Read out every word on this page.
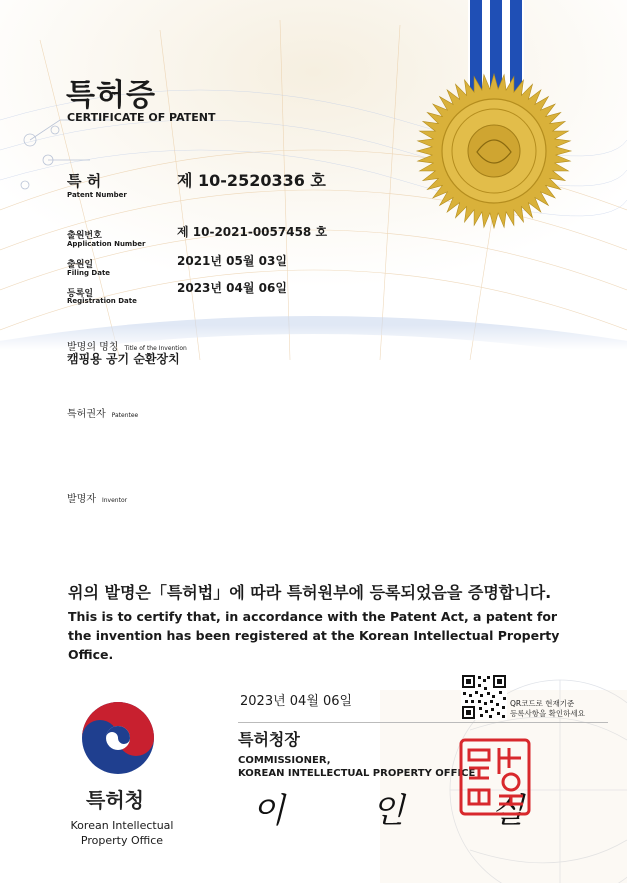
특허증
CERTIFICATE OF PATENT
특 허
Patent Number
제 10-2520336 호
출원번호
Application Number
제 10-2021-0057458 호
출원일
Filing Date
2021년 05월 03일
등록일
Registration Date
2023년 04월 06일
발명의 명칭 Title of the Invention
캠핑용 공기 순환장치
특허권자 Patentee
발명자 Inventor
위의 발명은「특허법」에 따라 특허원부에 등록되었음을 증명합니다.
This is to certify that, in accordance with the Patent Act, a patent for the invention has been registered at the Korean Intellectual Property Office.
2023년 04월 06일
특허청장
COMMISSIONER,
KOREAN INTELLECTUAL PROPERTY OFFICE
이 인 실
QR코드로 현재기준
등록사항을 확인하세요
특허청
Korean Intellectual
Property Office
